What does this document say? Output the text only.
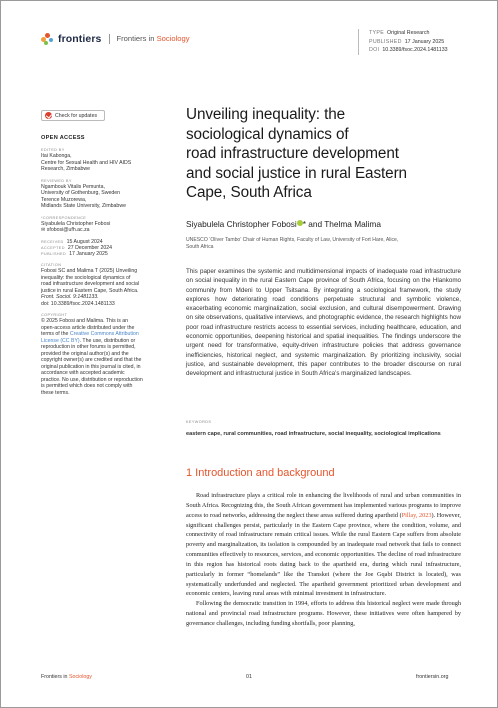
frontiers Frontiers in Sociology
TYPE Original Research
PUBLISHED 17 January 2025
DOI 10.3389/fsoc.2024.1481133
Check for updates
OPEN ACCESS
EDITED BY
Itai Kabonga,
Centre for Sexual Health and HIV AIDS
Research, Zimbabwe
REVIEWED BY
Ngambouk Vitalis Pemunta,
University of Gothenburg, Sweden
Terence Muzorewa,
Midlands State University, Zimbabwe
*CORRESPONDENCE
Siyabulela Christopher Fobosi
✉ sfobosi@ufh.ac.za
RECEIVED 15 August 2024
ACCEPTED 27 December 2024
PUBLISHED 17 January 2025
CITATION
Fobosi SC and Malima T (2025) Unveiling
inequality: the sociological dynamics of
road infrastructure development and social
justice in rural Eastern Cape, South Africa.
Front. Sociol. 9:1481133.
doi: 10.3389/fsoc.2024.1481133
COPYRIGHT
© 2025 Fobosi and Malima. This is an
open-access article distributed under the
terms of the Creative Commons Attribution
License (CC BY). The use, distribution or
reproduction in other forums is permitted,
provided the original author(s) and the
copyright owner(s) are credited and that the
original publication in this journal is cited, in
accordance with accepted academic
practice. No use, distribution or reproduction
is permitted which does not comply with
these terms.
Unveiling inequality: the
sociological dynamics of
road infrastructure development
and social justice in rural Eastern
Cape, South Africa
Siyabulela Christopher Fobosi * and Thelma Malima
UNESCO ‘Oliver Tambo’ Chair of Human Rights, Faculty of Law, University of Fort Hare, Alice,
South Africa
This paper examines the systemic and multidimensional impacts of inadequate road infrastructure on social inequality in the rural Eastern Cape province of South Africa, focusing on the Hlankomo community from Mdeni to Upper Tsitsana. By integrating a sociological framework, the study explores how deteriorating road conditions perpetuate structural and symbolic violence, exacerbating economic marginalization, social exclusion, and cultural disempowerment. Drawing on site observations, qualitative interviews, and photographic evidence, the research highlights how poor road infrastructure restricts access to essential services, including healthcare, education, and economic opportunities, deepening historical and spatial inequalities. The findings underscore the urgent need for transformative, equity-driven infrastructure policies that address governance inefficiencies, historical neglect, and systemic marginalization. By prioritizing inclusivity, social justice, and sustainable development, this paper contributes to the broader discourse on rural development and infrastructural justice in South Africa’s marginalized landscapes.
KEYWORDS
eastern cape, rural communities, road infrastructure, social inequality, sociological implications
1 Introduction and background

Road infrastructure plays a critical role in enhancing the livelihoods of rural and urban communities in South Africa. Recognizing this, the South African government has implemented various programs to improve access to road networks, addressing the neglect these areas suffered during apartheid (Pillay, 2023). However, significant challenges persist, particularly in the Eastern Cape province, where the condition, volume, and connectivity of road infrastructure remain critical issues. While the rural Eastern Cape suffers from absolute poverty and marginalization, its isolation is compounded by an inadequate road network that fails to connect communities effectively to resources, services, and economic opportunities. The decline of road infrastructure in this region has historical roots dating back to the apartheid era, during which rural infrastructure, particularly in former “homelands” like the Transkei (where the Joe Gqabi District is located), was systematically underfunded and neglected. The apartheid government prioritized urban development and economic centers, leaving rural areas with minimal investment in infrastructure.

Following the democratic transition in 1994, efforts to address this historical neglect were made through national and provincial road infrastructure programs. However, these initiatives were often hampered by governance challenges, including funding shortfalls, poor planning,

Frontiers in Sociology	01	frontiersin.org
